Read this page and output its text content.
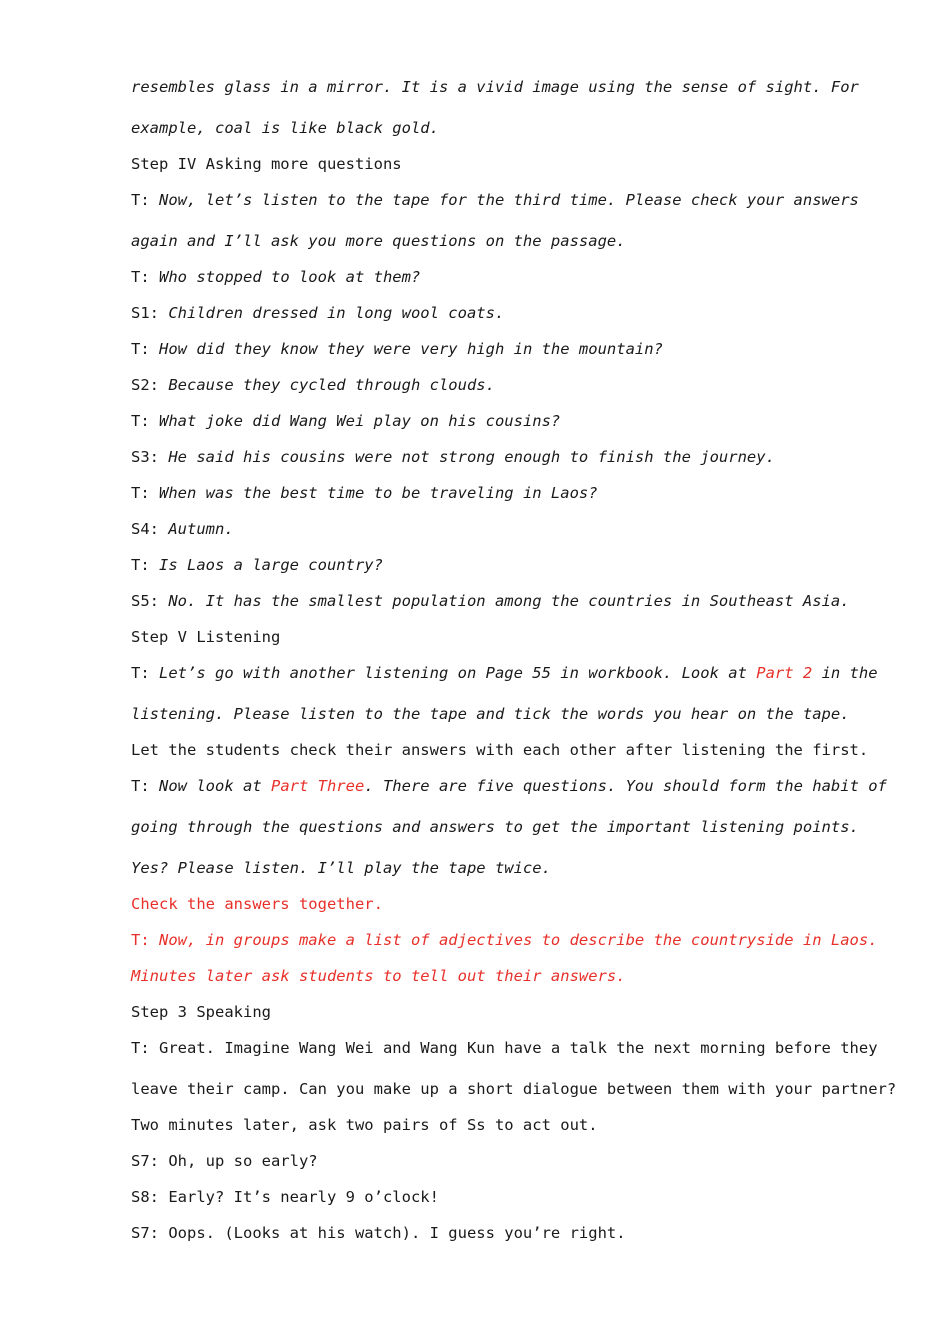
resembles glass in a mirror. It is a vivid image using the sense of sight. For
example, coal is like black gold.
Step IV Asking more questions
T: Now, let’s listen to the tape for the third time. Please check your answers
again and I’ll ask you more questions on the passage.
T: Who stopped to look at them?
S1: Children dressed in long wool coats.
T: How did they know they were very high in the mountain?
S2: Because they cycled through clouds.
T: What joke did Wang Wei play on his cousins?
S3: He said his cousins were not strong enough to finish the journey.
T: When was the best time to be traveling in Laos?
S4: Autumn.
T: Is Laos a large country?
S5: No. It has the smallest population among the countries in Southeast Asia.
Step V Listening
T: Let’s go with another listening on Page 55 in workbook. Look at Part 2 in the
listening. Please listen to the tape and tick the words you hear on the tape.
Let the students check their answers with each other after listening the first.
T: Now look at Part Three. There are five questions. You should form the habit of
going through the questions and answers to get the important listening points.
Yes? Please listen. I’ll play the tape twice.
Check the answers together.
T: Now, in groups make a list of adjectives to describe the countryside in Laos.
Minutes later ask students to tell out their answers.
Step 3 Speaking
T: Great. Imagine Wang Wei and Wang Kun have a talk the next morning before they
leave their camp. Can you make up a short dialogue between them with your partner?
Two minutes later, ask two pairs of Ss to act out.
S7: Oh, up so early?
S8: Early? It’s nearly 9 o’clock!
S7: Oops. (Looks at his watch). I guess you’re right.
